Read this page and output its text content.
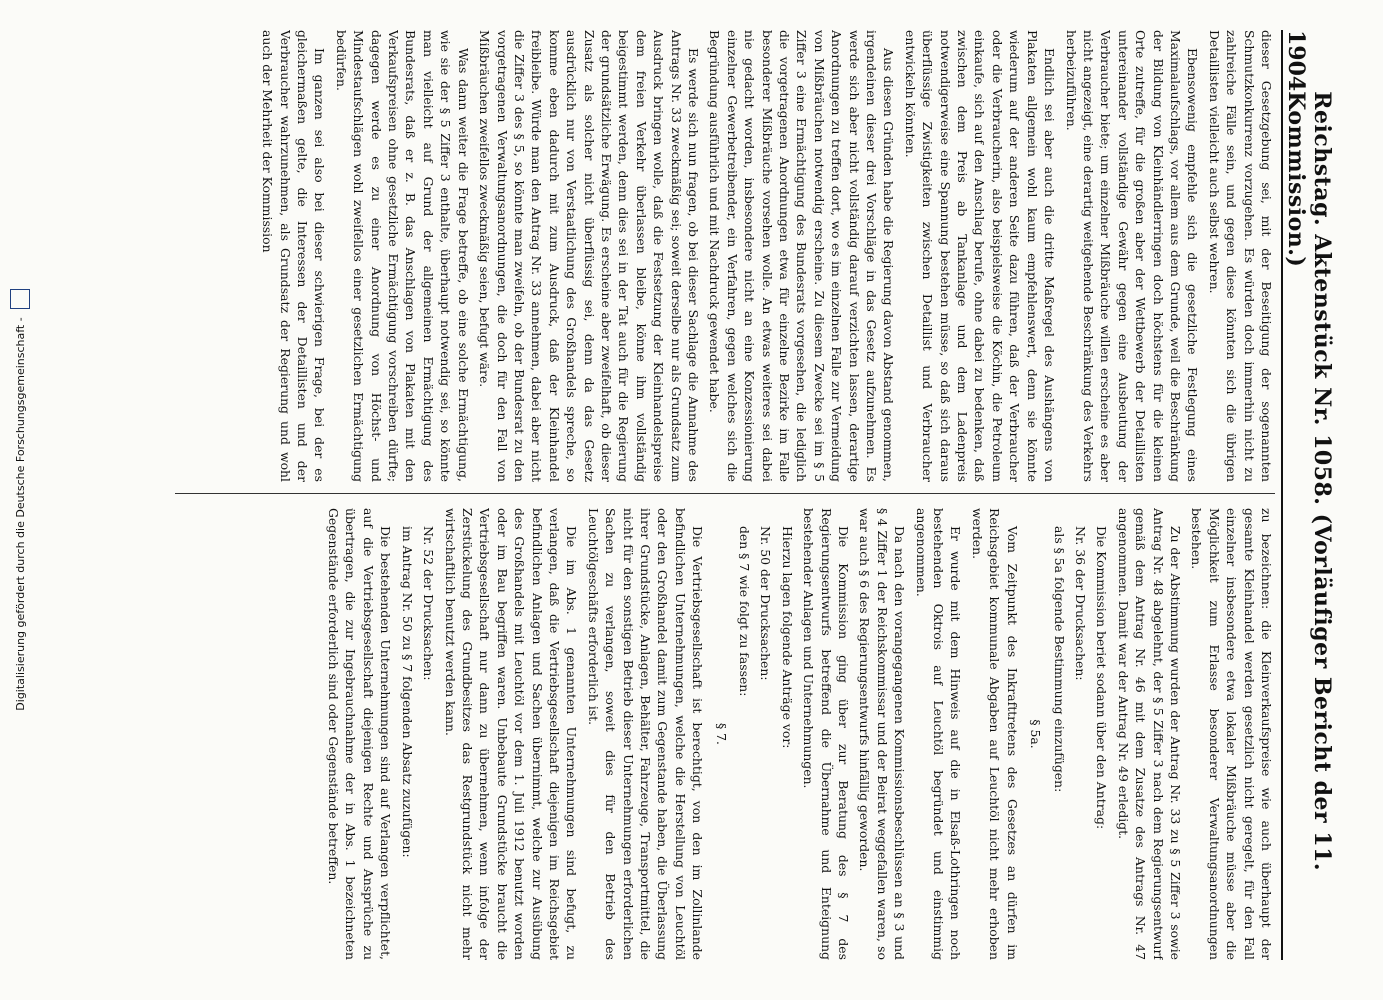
1904
Reichstag. Aktenstück Nr. 1058. (Vorläufiger Bericht der 11. Kommission.)

dieser Gesetzgebung sei, mit der Beseitigung der sogenannten Schmutzkonkurrenz vorzugehen. Es würden doch immerhin nicht zu zahlreiche Fälle sein, und gegen diese könnten sich die übrigen Detaillisten vielleicht auch selbst wehren.

Ebensowenig empfehle sich die gesetzliche Festlegung eines Maximalaufschlags, vor allem aus dem Grunde, weil die Beschränkung der Bildung von Kleinhändlerringen doch höchstens für die kleinen Orte zutreffe, für die großen aber der Wettbewerb der Detaillisten untereinander vollständige Gewähr gegen eine Ausbeutung der Verbraucher biete; um einzelner Mißbräuche willen erscheine es aber nicht angezeigt, eine derartig weitgehende Beschränkung des Verkehrs herbeizuführen.

Endlich sei aber auch die dritte Maßregel des Aushängens von Plakaten allgemein wohl kaum empfehlenswert, denn sie könnte wiederum auf der anderen Seite dazu führen, daß der Verbraucher oder die Verbraucherin, also beispielsweise die Köchin, die Petroleum einkaufe, sich auf den Anschlag berufe, ohne dabei zu bedenken, daß zwischen dem Preis ab Tankanlage und dem Ladenpreis notwendigerweise eine Spannung bestehen müsse, so daß sich daraus überflüssige Zwistigkeiten zwischen Detaillist und Verbraucher entwickeln könnten.

Aus diesen Gründen habe die Regierung davon Abstand genommen, irgendeinen dieser drei Vorschläge in das Gesetz aufzunehmen. Es werde sich aber nicht vollständig darauf verzichten lassen, derartige Anordnungen zu treffen dort, wo es im einzelnen Falle zur Vermeidung von Mißbräuchen notwendig erscheine. Zu diesem Zwecke sei im § 5 Ziffer 3 eine Ermächtigung des Bundesrats vorgesehen, die lediglich die vorgetragenen Anordnungen etwa für einzelne Bezirke im Falle besonderer Mißbräuche vorsehen wolle. An etwas weiteres sei dabei nie gedacht worden, insbesondere nicht an eine Konzessionierung einzelner Gewerbetreibender, ein Verfahren, gegen welches sich die Begründung ausführlich und mit Nachdruck gewendet habe.

Es werde sich nun fragen, ob bei dieser Sachlage die Annahme des Antrags Nr. 33 zweckmäßig sei; soweit derselbe nur als Grundsatz zum Ausdruck bringen wolle, daß die Festsetzung der Kleinhandelspreise dem freien Verkehr überlassen bleibe, könne ihm vollständig beigestimmt werden, denn dies sei in der Tat auch für die Regierung der grundsätzliche Erwägung. Es erscheine aber zweifelhaft, ob dieser Zusatz als solcher nicht überflüssig sei, denn da das Gesetz ausdrücklich nur von Verstaatlichung des Großhandels spreche, so komme eben dadurch mit zum Ausdruck, daß der Kleinhandel freibleibe. Würde man den Antrag Nr. 33 annehmen, dabei aber nicht die Ziffer 3 des § 5, so könnte man zweifeln, ob der Bundesrat zu den vorgetragenen Verwaltungsanordnungen, die doch für den Fall von Mißbräuchen zweifellos zweckmäßig seien, befugt wäre.

Was dann weiter die Frage betreffe, ob eine solche Ermächtigung, wie sie der § 5 Ziffer 3 enthalte, überhaupt notwendig sei, so könnte man vielleicht auf Grund der allgemeinen Ermächtigung des Bundesrats, daß er z. B. das Anschlagen von Plakaten mit den Verkaufspreisen ohne gesetzliche Ermächtigung vorschreiben dürfte; dagegen werde es zu einer Anordnung von Höchst- und Mindestaufschlägen wohl zweifellos einer gesetzlichen Ermächtigung bedürfen.

Im ganzen sei also bei dieser schwierigen Frage, bei der es gleichermaßen gelte, die Interessen der Detaillisten und der Verbraucher wahrzunehmen, als Grundsatz der Regierung und wohl auch der Mehrheit der Kommission

zu bezeichnen: die Kleinverkaufspreise wie auch überhaupt der gesamte Kleinhandel werden gesetzlich nicht geregelt, für den Fall einzelner insbesondere etwa lokaler Mißbräuche müsse aber die Möglichkeit zum Erlasse besonderer Verwaltungsanordnungen bestehen.

Zu der Abstimmung wurden der Antrag Nr. 33 zu § 5 Ziffer 3 sowie Antrag Nr. 48 abgelehnt, der § 5 Ziffer 3 nach dem Regierungsentwurf gemäß dem Antrag Nr. 46 mit dem Zusatze des Antrags Nr. 47 angenommen. Damit war der Antrag Nr. 49 erledigt.

Die Kommission beriet sodann über den Antrag:

Nr. 36 der Drucksachen:

als § 5a folgende Bestimmung einzufügen:

§ 5a.

Vom Zeitpunkt des Inkrafttretens des Gesetzes an dürfen im Reichsgebiet kommunale Abgaben auf Leuchtöl nicht mehr erhoben werden.

Er wurde mit dem Hinweis auf die in Elsaß-Lothringen noch bestehenden Oktrois auf Leuchtöl begründet und einstimmig angenommen.

Da nach den vorangegangenen Kommissionsbeschlüssen an § 3 und § 4 Ziffer 1 der Reichskommissar und der Beirat weggefallen waren, so war auch § 6 des Regierungsentwurfs hinfällig geworden.

Die Kommission ging über zur Beratung des § 7 des Regierungsentwurfs betreffend die Übernahme und Enteignung bestehender Anlagen und Unternehmungen.

Hierzu lagen folgende Anträge vor:

Nr. 50 der Drucksachen:

den § 7 wie folgt zu fassen:

§ 7.

Die Vertriebsgesellschaft ist berechtigt, von den im Zollinlande befindlichen Unternehmungen, welche die Herstellung von Leuchtöl oder den Großhandel damit zum Gegenstande haben, die Überlassung ihrer Grundstücke, Anlagen, Behälter, Fahrzeuge, Transportmittel, die nicht für den sonstigen Betrieb dieser Unternehmungen erforderlichen Sachen zu verlangen, soweit dies für den Betrieb des Leuchtölgeschäfts erforderlich ist.

Die im Abs. 1 genannten Unternehmungen sind befugt, zu verlangen, daß die Vertriebsgesellschaft diejenigen im Reichsgebiet befindlichen Anlagen und Sachen übernimmt, welche zur Ausübung des Großhandels mit Leuchtöl vor dem 1. Juli 1912 benutzt worden oder im Bau begriffen waren. Unbebaute Grundstücke braucht die Vertriebsgesellschaft nur dann zu übernehmen, wenn infolge der Zerstückelung des Grundbesitzes das Restgrundstück nicht mehr wirtschaftlich benutzt werden kann.

Nr. 52 der Drucksachen:

im Antrag Nr. 50 zu § 7 folgenden Absatz zuzufügen:

Die bestehenden Unternehmungen sind auf Verlangen verpflichtet, auf die Vertriebsgesellschaft diejenigen Rechte und Ansprüche zu übertragen, die zur Ingebrauchnahme der in Abs. 1 bezeichneten Gegenstände erforderlich sind oder Gegenstände betreffen.

Digitalisierung gefördert durch die Deutsche Forschungsgemeinschaft -
